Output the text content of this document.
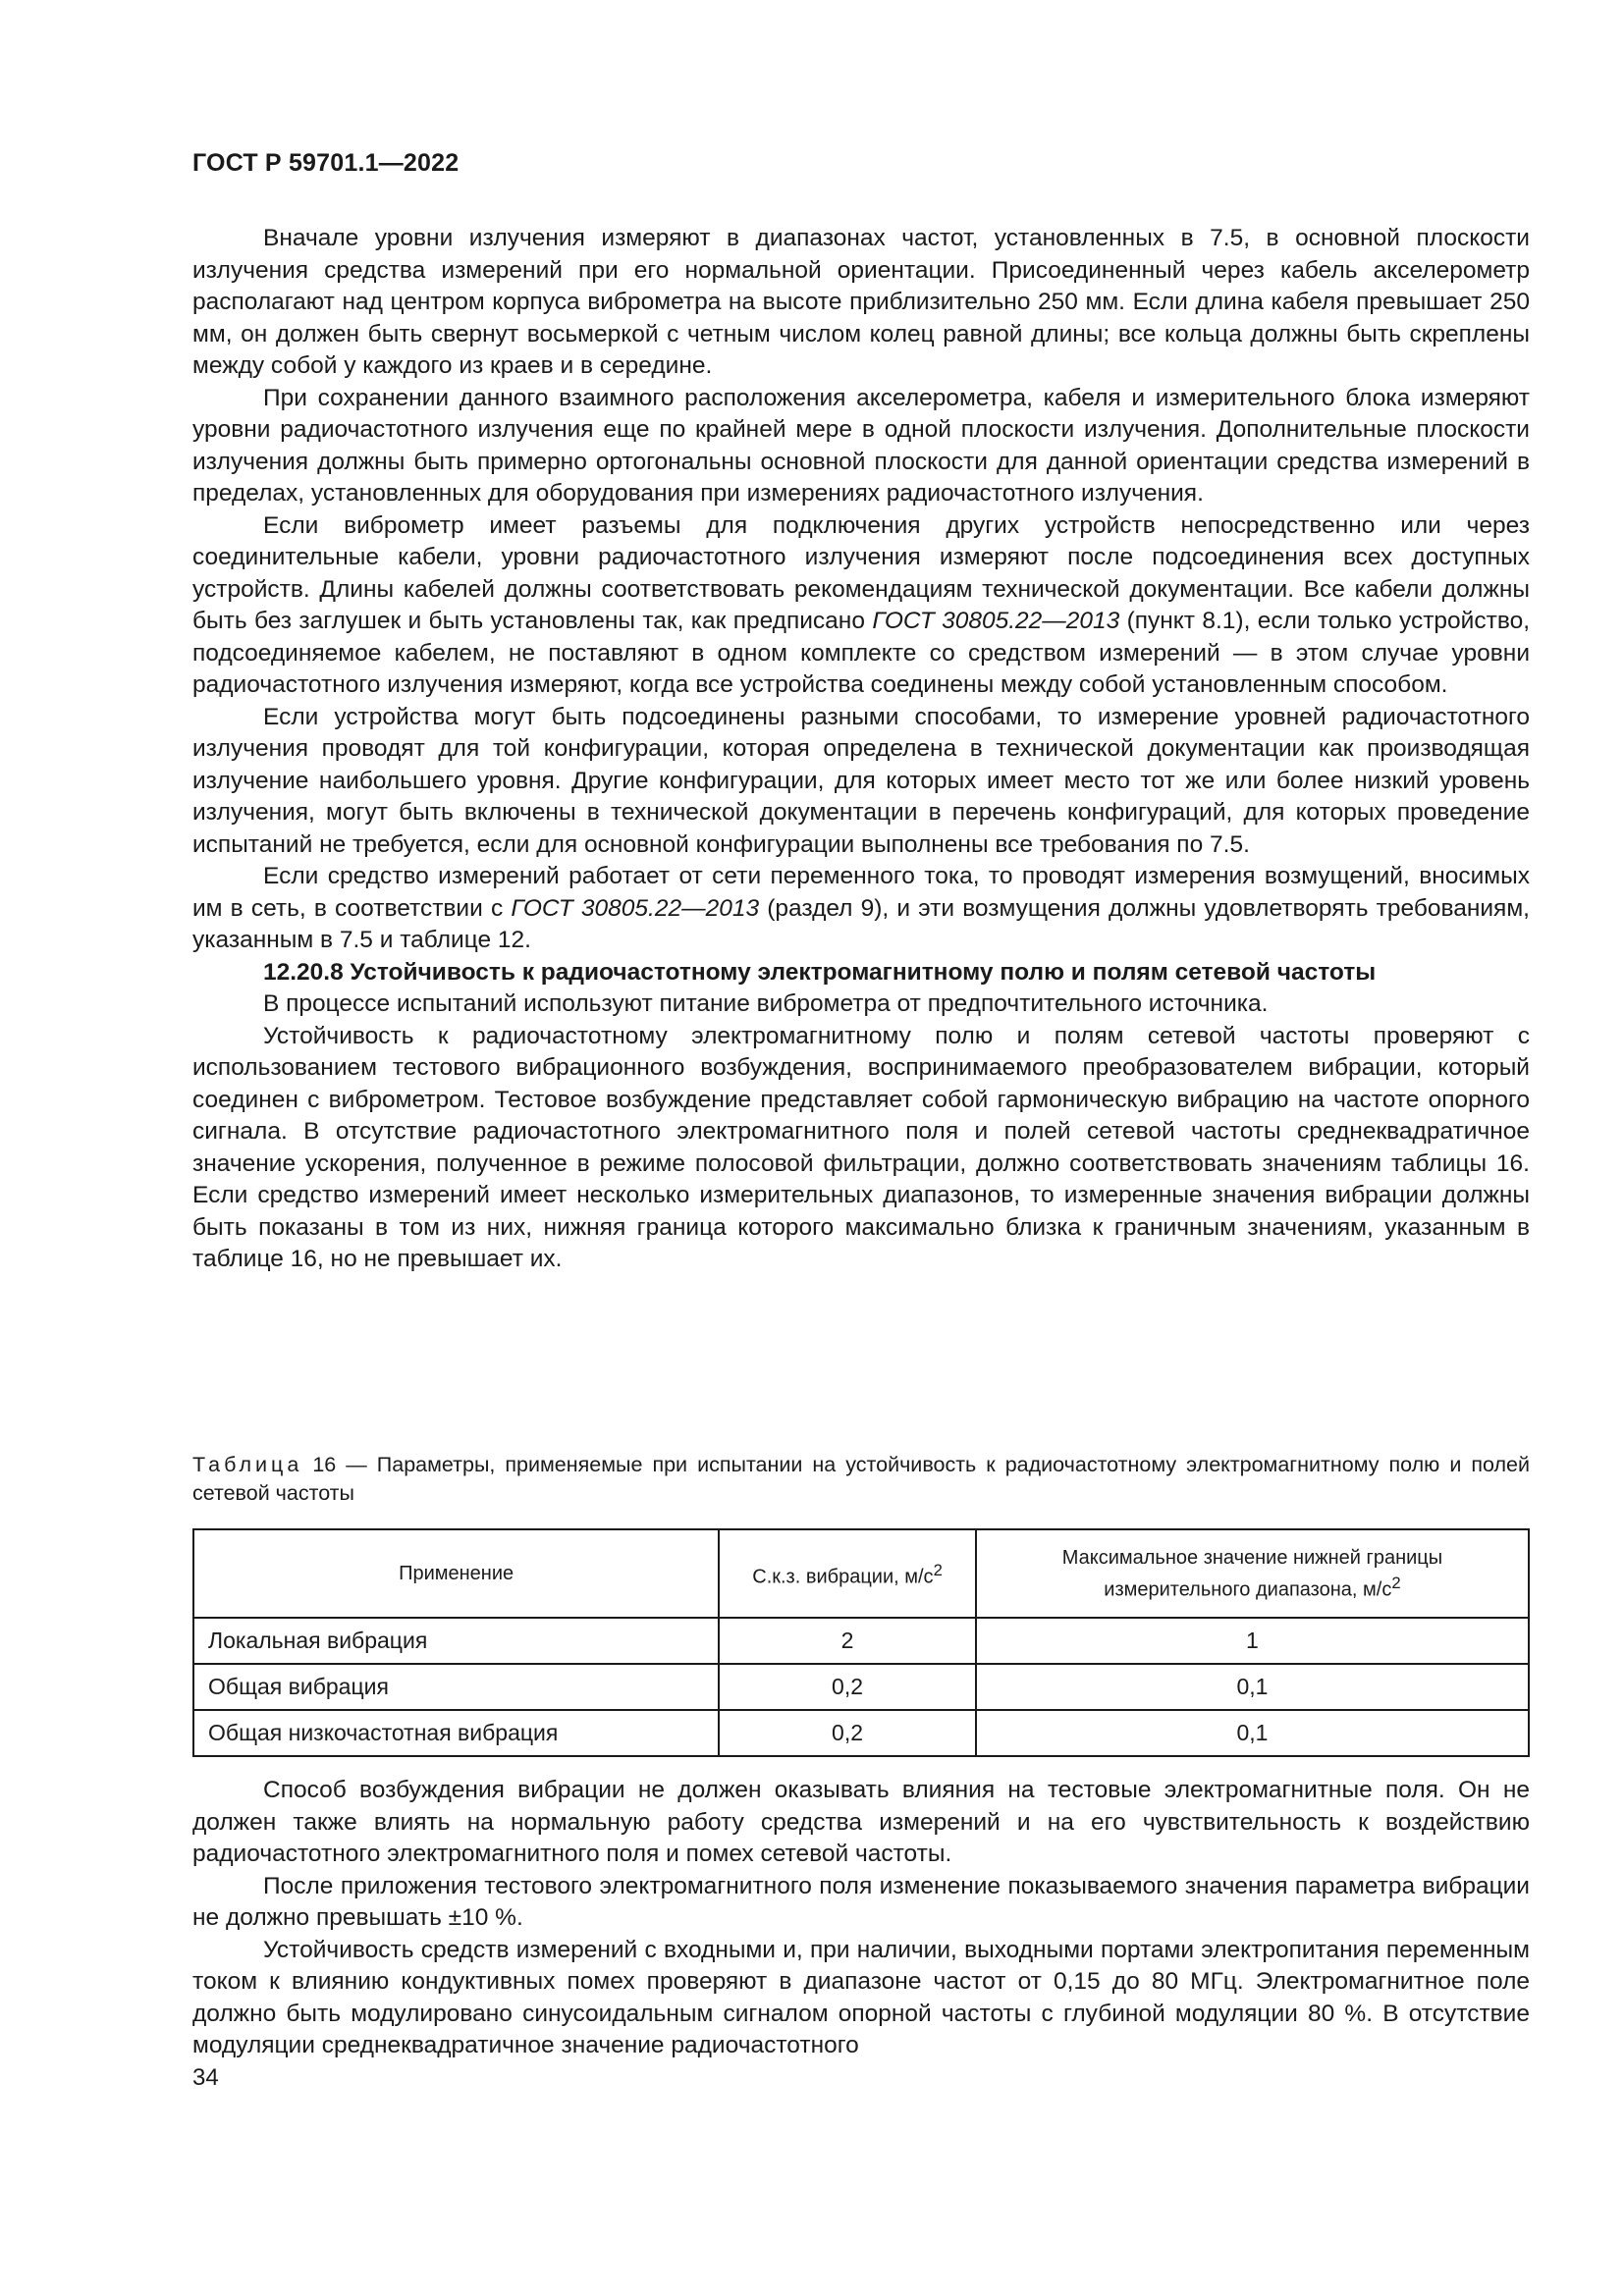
ГОСТ Р 59701.1—2022

Вначале уровни излучения измеряют в диапазонах частот, установленных в 7.5, в основной плоскости излучения средства измерений при его нормальной ориентации. Присоединенный через кабель акселерометр располагают над центром корпуса виброметра на высоте приблизительно 250 мм. Если длина кабеля превышает 250 мм, он должен быть свернут восьмеркой с четным числом колец равной длины; все кольца должны быть скреплены между собой у каждого из краев и в середине.

При сохранении данного взаимного расположения акселерометра, кабеля и измерительного блока измеряют уровни радиочастотного излучения еще по крайней мере в одной плоскости излучения. Дополнительные плоскости излучения должны быть примерно ортогональны основной плоскости для данной ориентации средства измерений в пределах, установленных для оборудования при измерениях радиочастотного излучения.

Если виброметр имеет разъемы для подключения других устройств непосредственно или через соединительные кабели, уровни радиочастотного излучения измеряют после подсоединения всех доступных устройств. Длины кабелей должны соответствовать рекомендациям технической документации. Все кабели должны быть без заглушек и быть установлены так, как предписано ГОСТ 30805.22—2013 (пункт 8.1), если только устройство, подсоединяемое кабелем, не поставляют в одном комплекте со средством измерений — в этом случае уровни радиочастотного излучения измеряют, когда все устройства соединены между собой установленным способом.

Если устройства могут быть подсоединены разными способами, то измерение уровней радиочастотного излучения проводят для той конфигурации, которая определена в технической документации как производящая излучение наибольшего уровня. Другие конфигурации, для которых имеет место тот же или более низкий уровень излучения, могут быть включены в технической документации в перечень конфигураций, для которых проведение испытаний не требуется, если для основной конфигурации выполнены все требования по 7.5.

Если средство измерений работает от сети переменного тока, то проводят измерения возмущений, вносимых им в сеть, в соответствии с ГОСТ 30805.22—2013 (раздел 9), и эти возмущения должны удовлетворять требованиям, указанным в 7.5 и таблице 12.

12.20.8 Устойчивость к радиочастотному электромагнитному полю и полям сетевой частоты

В процессе испытаний используют питание виброметра от предпочтительного источника.

Устойчивость к радиочастотному электромагнитному полю и полям сетевой частоты проверяют с использованием тестового вибрационного возбуждения, воспринимаемого преобразователем вибрации, который соединен с виброметром. Тестовое возбуждение представляет собой гармоническую вибрацию на частоте опорного сигнала. В отсутствие радиочастотного электромагнитного поля и полей сетевой частоты среднеквадратичное значение ускорения, полученное в режиме полосовой фильтрации, должно соответствовать значениям таблицы 16. Если средство измерений имеет несколько измерительных диапазонов, то измеренные значения вибрации должны быть показаны в том из них, нижняя граница которого максимально близка к граничным значениям, указанным в таблице 16, но не превышает их.

Таблица 16 — Параметры, применяемые при испытании на устойчивость к радиочастотному электромагнитному полю и полей сетевой частоты
Применение	С.к.з. вибрации, $м/с^2$	Максимальное значение нижней границы
измерительного диапазона, $м/с^2$
Локальная вибрация	2	1
Общая вибрация	0,2	0,1
Общая низкочастотная вибрация	0,2	0,1

Способ возбуждения вибрации не должен оказывать влияния на тестовые электромагнитные поля. Он не должен также влиять на нормальную работу средства измерений и на его чувствительность к воздействию радиочастотного электромагнитного поля и помех сетевой частоты.

После приложения тестового электромагнитного поля изменение показываемого значения параметра вибрации не должно превышать ±10 %.

Устойчивость средств измерений с входными и, при наличии, выходными портами электропитания переменным током к влиянию кондуктивных помех проверяют в диапазоне частот от 0,15 до 80 МГц. Электромагнитное поле должно быть модулировано синусоидальным сигналом опорной частоты с глубиной модуляции 80 %. В отсутствие модуляции среднеквадратичное значение радиочастотного

34
